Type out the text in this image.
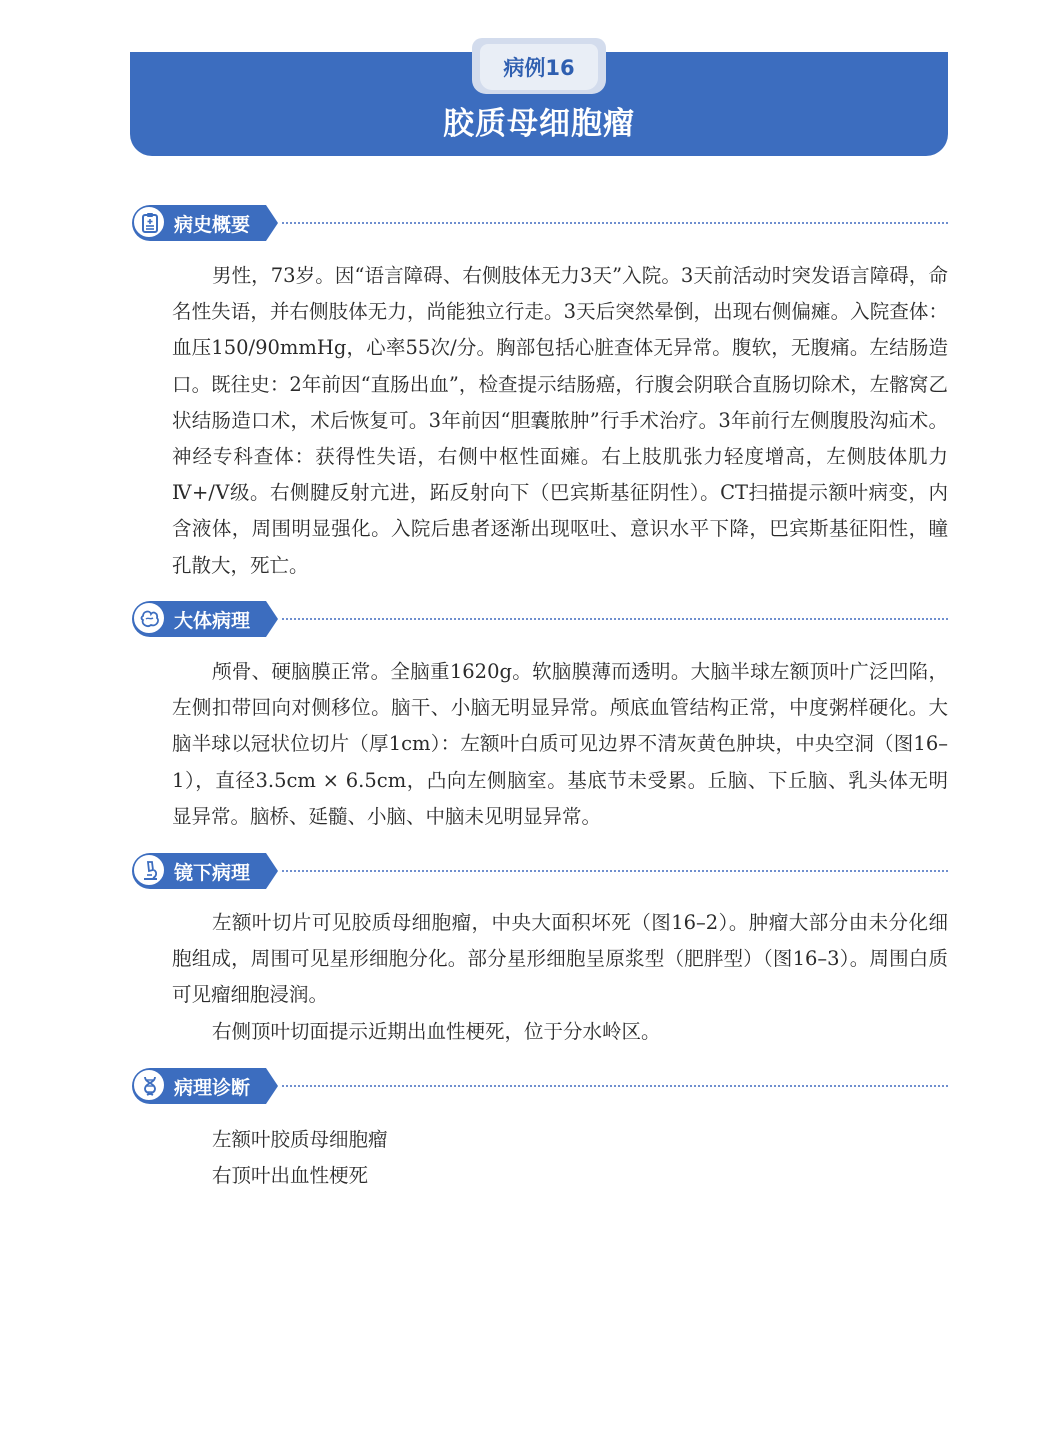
病例16
胶质母细胞瘤
病史概要

男性，73岁。因“语言障碍、右侧肢体无力3天”入院。3天前活动时突发语言障碍，命名性失语，并右侧肢体无力，尚能独立行走。3天后突然晕倒，出现右侧偏瘫。入院查体：血压150/90mmHg，心率55次/分。胸部包括心脏查体无异常。腹软，无腹痛。左结肠造口。既往史：2年前因“直肠出血”，检查提示结肠癌，行腹会阴联合直肠切除术，左髂窝乙状结肠造口术，术后恢复可。3年前因“胆囊脓肿”行手术治疗。3年前行左侧腹股沟疝术。神经专科查体：获得性失语，右侧中枢性面瘫。右上肢肌张力轻度增高，左侧肢体肌力Ⅳ+/Ⅴ级。右侧腱反射亢进，跖反射向下（巴宾斯基征阴性）。CT扫描提示额叶病变，内含液体，周围明显强化。入院后患者逐渐出现呕吐、意识水平下降，巴宾斯基征阳性，瞳孔散大，死亡。

大体病理

颅骨、硬脑膜正常。全脑重1620g。软脑膜薄而透明。大脑半球左额顶叶广泛凹陷，左侧扣带回向对侧移位。脑干、小脑无明显异常。颅底血管结构正常，中度粥样硬化。大脑半球以冠状位切片（厚1cm）：左额叶白质可见边界不清灰黄色肿块，中央空洞（图16–1），直径3.5cm × 6.5cm，凸向左侧脑室。基底节未受累。丘脑、下丘脑、乳头体无明显异常。脑桥、延髓、小脑、中脑未见明显异常。

镜下病理

左额叶切片可见胶质母细胞瘤，中央大面积坏死（图16–2）。肿瘤大部分由未分化细胞组成，周围可见星形细胞分化。部分星形细胞呈原浆型（肥胖型）（图16–3）。周围白质可见瘤细胞浸润。

右侧顶叶切面提示近期出血性梗死，位于分水岭区。

病理诊断

左额叶胶质母细胞瘤

右顶叶出血性梗死
